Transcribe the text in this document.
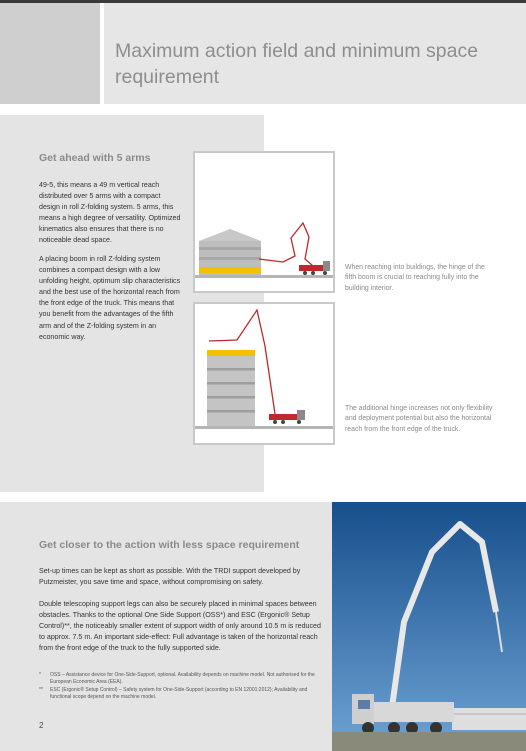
Maximum action field and minimum space requirement
Get ahead with 5 arms
49-5, this means a 49 m vertical reach distributed over 5 arms with a compact design in roll Z-folding system. 5 arms, this means a high degree of versatility. Optimized kinematics also ensures that there is no noticeable dead space.
A placing boom in roll Z-folding system combines a compact design with a low unfolding height, optimum slip characteristics and the best use of the horizontal reach from the front edge of the truck. This means that you benefit from the advantages of the fifth arm and of the Z-folding system in an economic way.
When reaching into buildings, the hinge of the fifth boom is crucial to reaching fully into the building interior.
The additional hinge increases not only flexibility and deployment potential but also the horizontal reach from the front edge of the truck.
Get closer to the action with less space requirement
Set-up times can be kept as short as possible. With the TRDI support developed by Putzmeister, you save time and space, without compromising on safety.
Double telescoping support legs can also be securely placed in minimal spaces between obstacles. Thanks to the optional One Side Support (OSS*) and ESC (Ergonic® Setup Control)**, the noticeably smaller extent of support width of only around 10.5 m is reduced to approx. 7.5 m. An important side-effect: Full advantage is taken of the horizontal reach from the front edge of the truck to the fully supported side.
* OSS – Assistance device for One-Side-Support, optional. Availability depends on machine model. Not authorised for the European Economic Area (EEA).
** ESC (Ergonic® Setup Control) – Safety system for One-Side-Support (according to EN 12001:2012); Availability and functional scope depend on the machine model.
2
